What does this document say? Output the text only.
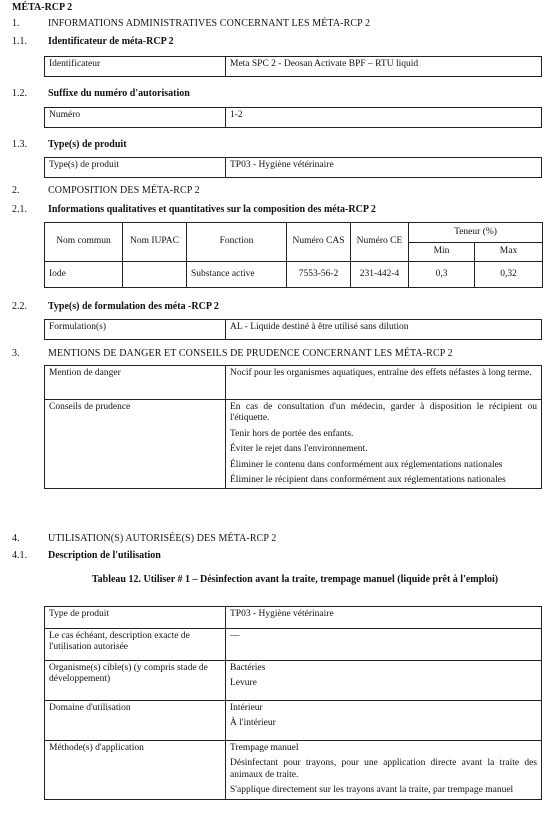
MÉTA-RCP 2
1.	INFORMATIONS ADMINISTRATIVES CONCERNANT LES MÉTA-RCP 2
1.1. Identificateur de méta-RCP 2
Identificateur	Meta SPC 2 - Deosan Activate BPF – RTU liquid
1.2. Suffixe du numéro d'autorisation
Numéro	1-2
1.3. Type(s) de produit
Type(s) de produit	TP03 - Hygiène vétérinaire
2.	COMPOSITION DES MÉTA-RCP 2
2.1. Informations qualitatives et quantitatives sur la composition des méta-RCP 2
Nom commun	Nom IUPAC	Fonction	Numéro CAS	Numéro CE	Teneur (%)	
					Min	Max
Iode		Substance active	7553-56-2	231-442-4	0,3	0,32
2.2. Type(s) de formulation des méta -RCP 2
Formulation(s)	AL - Liquide destiné à être utilisé sans dilution
3.	MENTIONS DE DANGER ET CONSEILS DE PRUDENCE CONCERNANT LES MÉTA-RCP 2
Mention de danger	Nocif pour les organismes aquatiques, entraîne des effets néfastes à long terme.
Conseils de prudence	En cas de consultation d'un médecin, garder à disposition le récipient ou l'étiquette.
Tenir hors de portée des enfants.
Éviter le rejet dans l'environnement.
Éliminer le contenu dans conformément aux réglementations nationales
Éliminer le récipient dans conformément aux réglementations nationales
4.	UTILISATION(S) AUTORISÉE(S) DES MÉTA-RCP 2
4.1. Description de l'utilisation
Tableau 12. Utiliser # 1 – Désinfection avant la traite, trempage manuel (liquide prêt à l'emploi)
Type de produit	TP03 - Hygiène vétérinaire
Le cas échéant, description exacte de l'utilisation autorisée	—
Organisme(s) cible(s) (y compris stade de développement)	Bactéries
Levure

Domaine d'utilisation	Intérieur
À l'intérieur

Méthode(s) d'application	Trempage manuel
Désinfectant pour trayons, pour une application directe avant la traite des animaux de traite.
S'applique directement sur les trayons avant la traite, par trempage manuel
